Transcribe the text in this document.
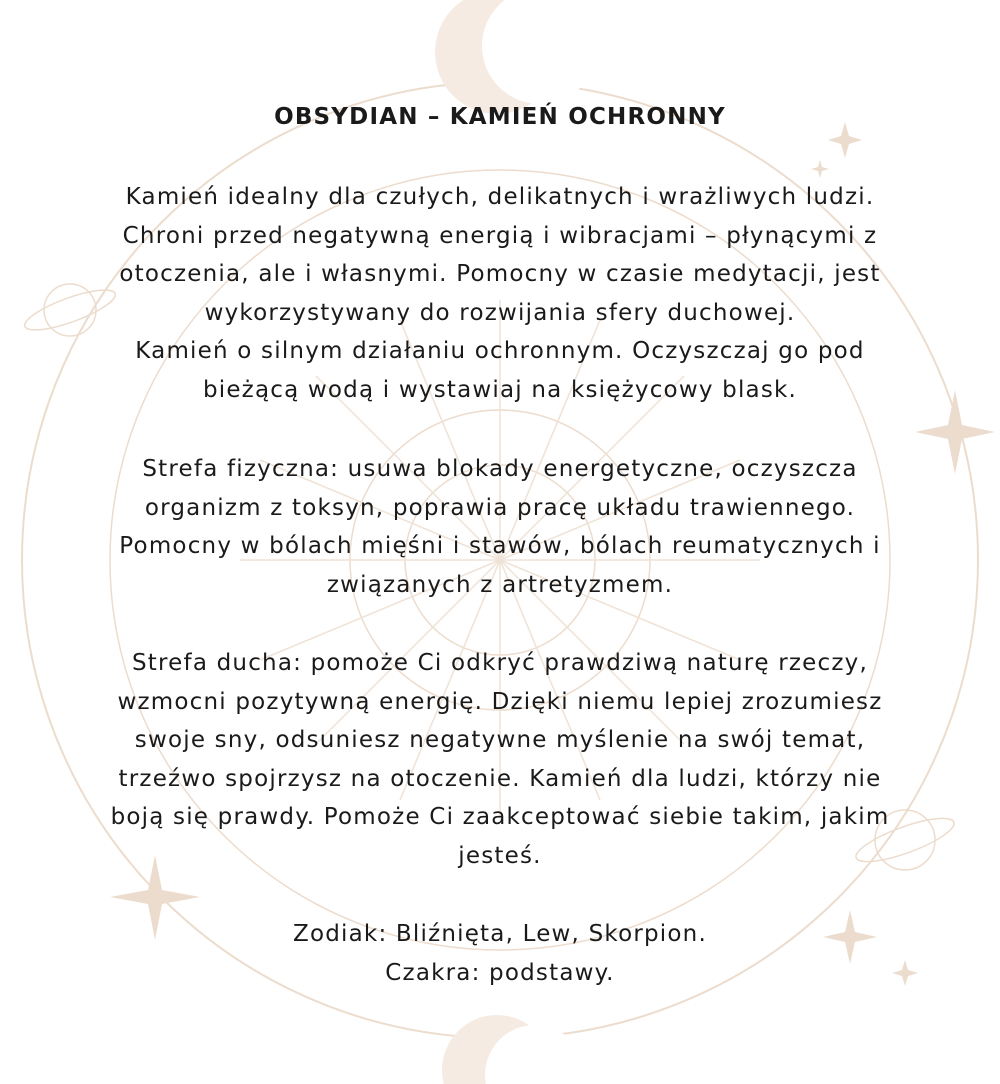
OBSYDIAN – KAMIEŃ OCHRONNY

Kamień idealny dla czułych, delikatnych i wrażliwych ludzi.
Chroni przed negatywną energią i wibracjami – płynącymi z
otoczenia, ale i własnymi. Pomocny w czasie medytacji, jest
wykorzystywany do rozwijania sfery duchowej.
Kamień o silnym działaniu ochronnym. Oczyszczaj go pod
bieżącą wodą i wystawiaj na księżycowy blask.

Strefa fizyczna: usuwa blokady energetyczne, oczyszcza
organizm z toksyn, poprawia pracę układu trawiennego.
Pomocny w bólach mięśni i stawów, bólach reumatycznych i
związanych z artretyzmem.

Strefa ducha: pomoże Ci odkryć prawdziwą naturę rzeczy,
wzmocni pozytywną energię. Dzięki niemu lepiej zrozumiesz
swoje sny, odsuniesz negatywne myślenie na swój temat,
trzeźwo spojrzysz na otoczenie. Kamień dla ludzi, którzy nie
boją się prawdy. Pomoże Ci zaakceptować siebie takim, jakim
jesteś.

Zodiak: Bliźnięta, Lew, Skorpion.
Czakra: podstawy.
